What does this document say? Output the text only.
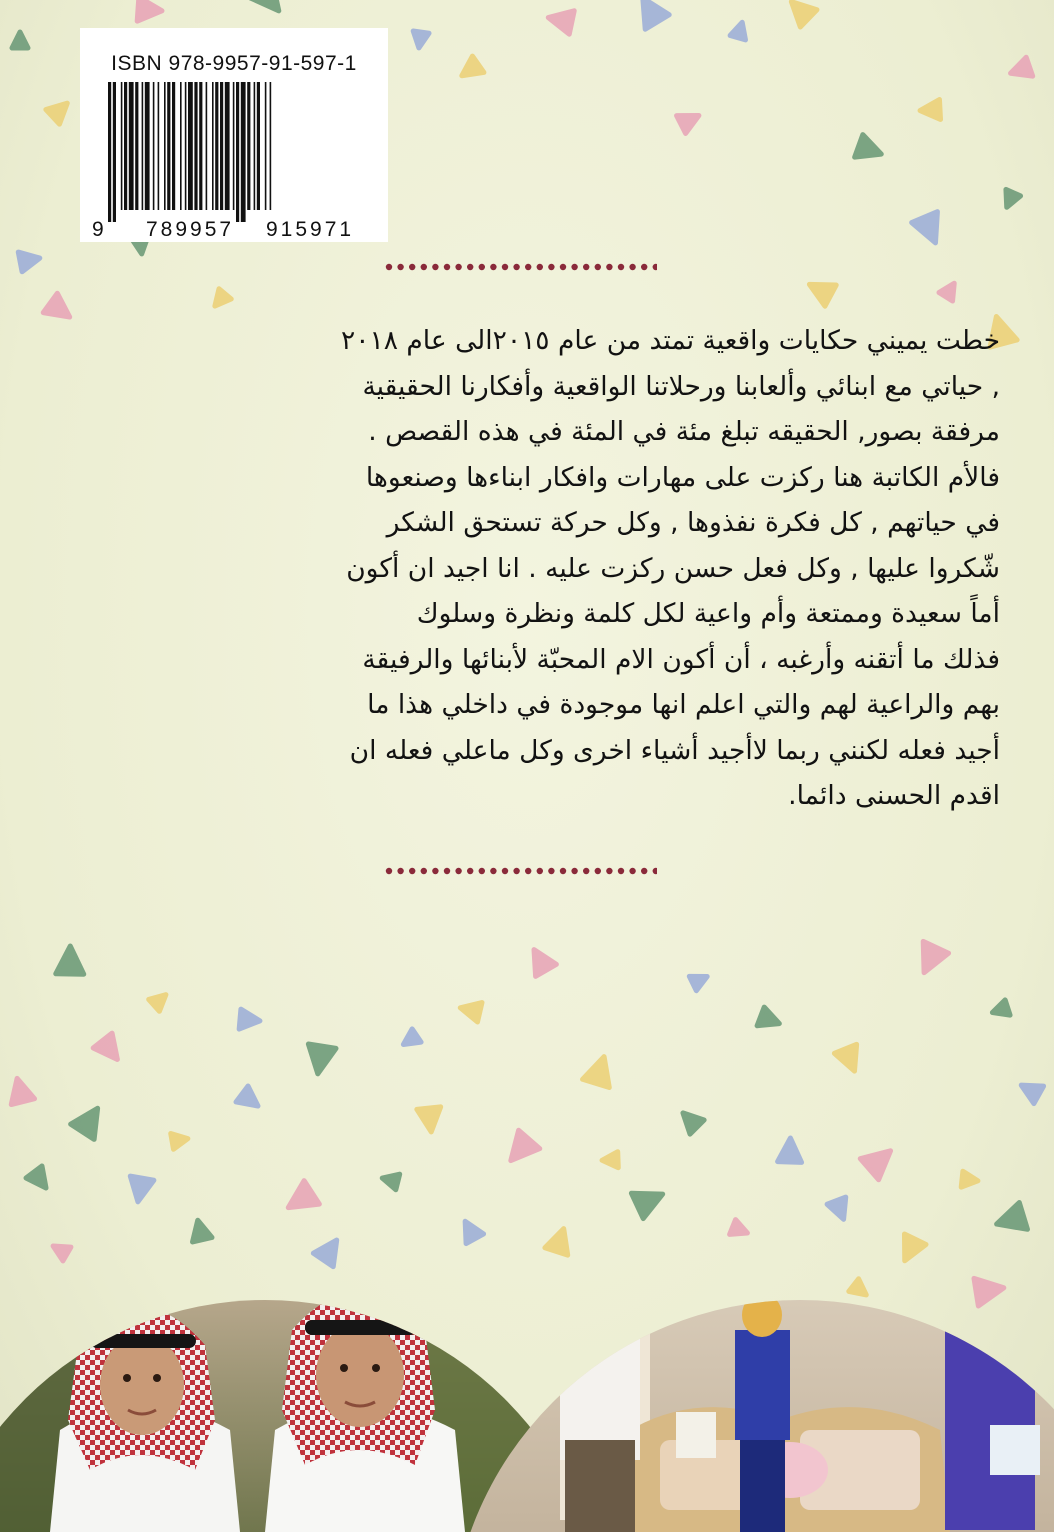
ISBN 978-9957-91-597-1
9 789957 915971

خطت يميني حكايات واقعية تمتد من عام ٢٠١٥الى عام ٢٠١٨

, حياتي مع ابنائي وألعابنا ورحلاتنا الواقعية وأفكارنا الحقيقية

مرفقة بصور, الحقيقه تبلغ مئة في المئة في هذه القصص .

فالأم الكاتبة هنا ركزت على مهارات وافكار ابناءها وصنعوها

في حياتهم , كل فكرة نفذوها , وكل حركة تستحق الشكر

شّكروا عليها , وكل فعل حسن ركزت عليه . انا اجيد ان أكون

أماً سعيدة وممتعة وأم واعية لكل كلمة ونظرة وسلوك

فذلك ما أتقنه وأرغبه ، أن أكون الام المحبّة لأبنائها والرفيقة

بهم والراعية لهم والتي اعلم انها موجودة في داخلي هذا ما

أجيد فعله لكنني ربما لاأجيد أشياء اخرى وكل ماعلي فعله ان

اقدم الحسنى دائما.
